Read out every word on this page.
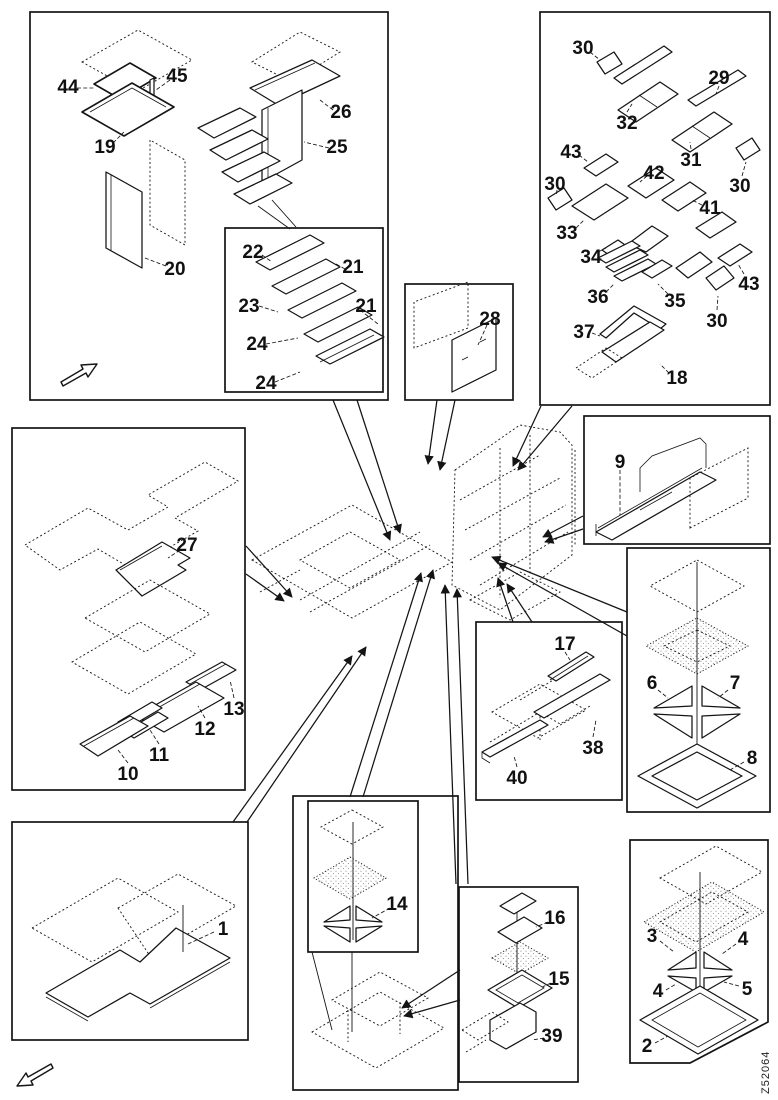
44
45
19
26
25
20
22
21
23
24
21
24
28
30
32
29
31
30
43
42
30
33
41
34
36	35
43
30
37
18
9
27
13
12
11
10
6	7
8
17
38
40
1
14
16
15
39
3	4
4	5
2
Z52064
